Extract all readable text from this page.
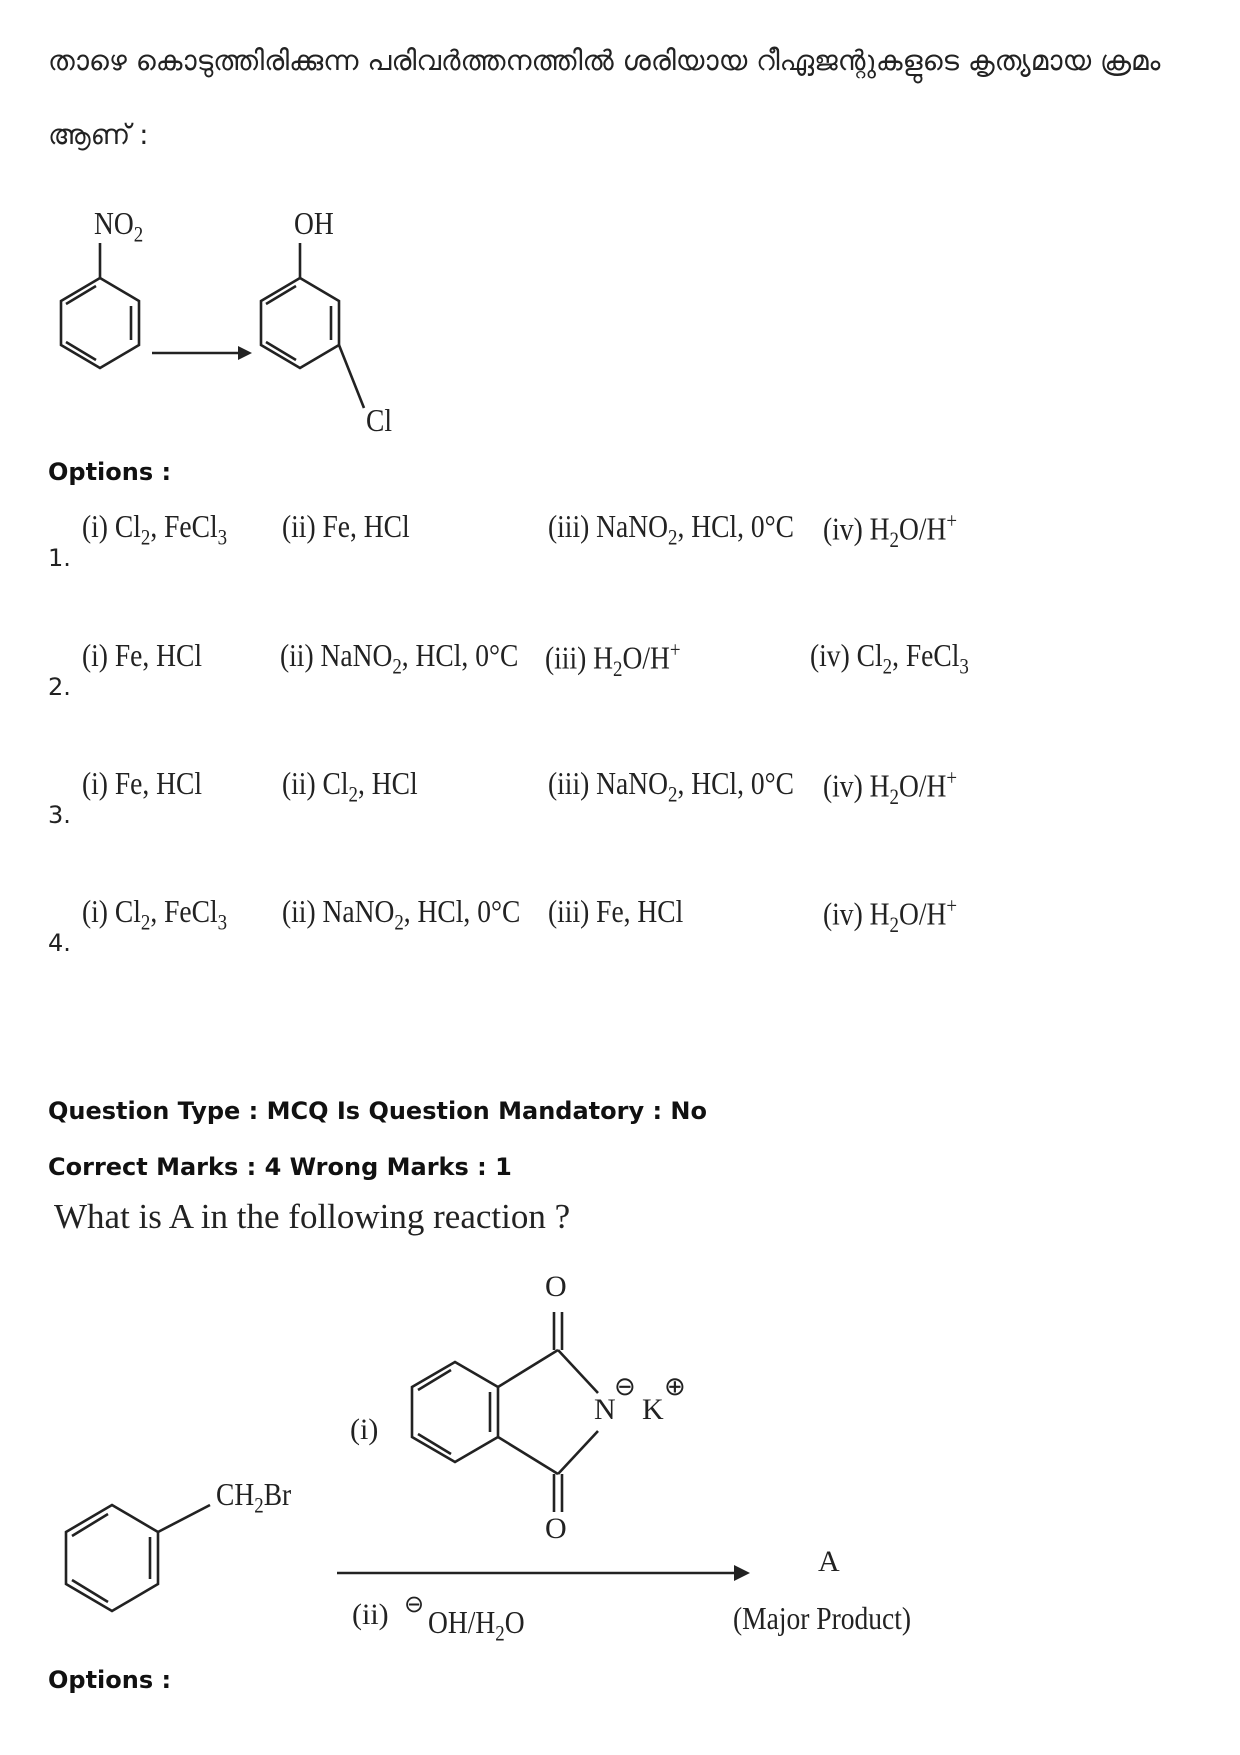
താഴെ കൊടുത്തിരിക്കുന്ന പരിവർത്തനത്തിൽ ശരിയായ റീഏജന്റുകളുടെ കൃത്യമായ ക്രമം
ആണ് :
$NO_2$	OH
Cl
Options :
1.
(i) $Cl_2$, FeCl$_3$ (ii) Fe, HCl	(iii) NaNO$_2$, HCl, 0°C (iv) $H_2O/H^+$
2.
(i) Fe, HCl (ii) NaNO$_2$, HCl, 0°C (iii) $H_2O/H^+$	(iv) $Cl_2$, FeCl$_3$
3.
(i) Fe, HCl (ii) $Cl_2$, HCl	(iii) NaNO$_2$, HCl, 0°C (iv) $H_2O/H^+$
4.
(i) $Cl_2$, FeCl$_3$ (ii) NaNO$_2$, HCl, 0°C (iii) Fe, HCl	(iv) $H_2O/H^+$
Question Type : MCQ Is Question Mandatory : No
Correct Marks : 4 Wrong Marks : 1
What is A in the following reaction ?
$CH_2Br$
(i)
O
O
N
⊖
K
⊕
(ii) ⊖ $OH/H_2O$
A
(Major Product)
Options :
